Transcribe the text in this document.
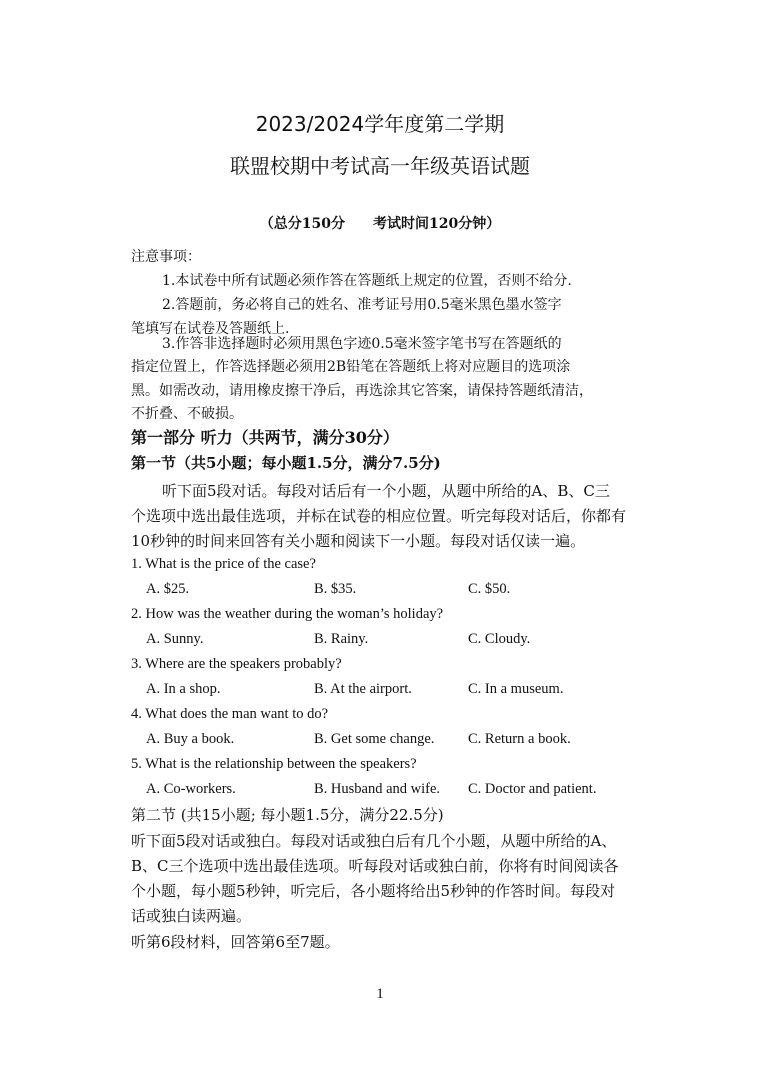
2023/2024学年度第二学期
联盟校期中考试高一年级英语试题
（总分150分　　考试时间120分钟）
注意事项：
1.本试卷中所有试题必须作答在答题纸上规定的位置，否则不给分.
2.答题前，务必将自己的姓名、准考证号用0.5毫米黑色墨水签字
笔填写在试卷及答题纸上.
3.作答非选择题时必须用黑色字迹0.5毫米签字笔书写在答题纸的
指定位置上，作答选择题必须用2B铅笔在答题纸上将对应题目的选项涂
黑。如需改动，请用橡皮擦干净后，再选涂其它答案，请保持答题纸清洁，
不折叠、不破损。
第一部分 听力（共两节，满分30分）
第一节（共5小题；每小题1.5分，满分7.5分)
听下面5段对话。每段对话后有一个小题，从题中所给的A、B、C三
个选项中选出最佳选项，并标在试卷的相应位置。听完每段对话后，你都有
10秒钟的时间来回答有关小题和阅读下一小题。每段对话仅读一遍。
1. What is the price of the case?
A. $25.	B. $35.	C. $50.
2. How was the weather during the woman’s holiday?
A. Sunny.	B. Rainy.	C. Cloudy.
3. Where are the speakers probably?
A. In a shop.	B. At the airport.	C. In a museum.
4. What does the man want to do?
A. Buy a book.	B. Get some change. C. Return a book.
5. What is the relationship between the speakers?
A. Co-workers.	B. Husband and wife. C. Doctor and patient.
第二节 (共15小题; 每小题1.5分，满分22.5分)
听下面5段对话或独白。每段对话或独白后有几个小题，从题中所给的A、
B、C三个选项中选出最佳选项。听每段对话或独白前，你将有时间阅读各
个小题，每小题5秒钟，听完后，各小题将给出5秒钟的作答时间。每段对
话或独白读两遍。
听第6段材料，回答第6至7题。
1
